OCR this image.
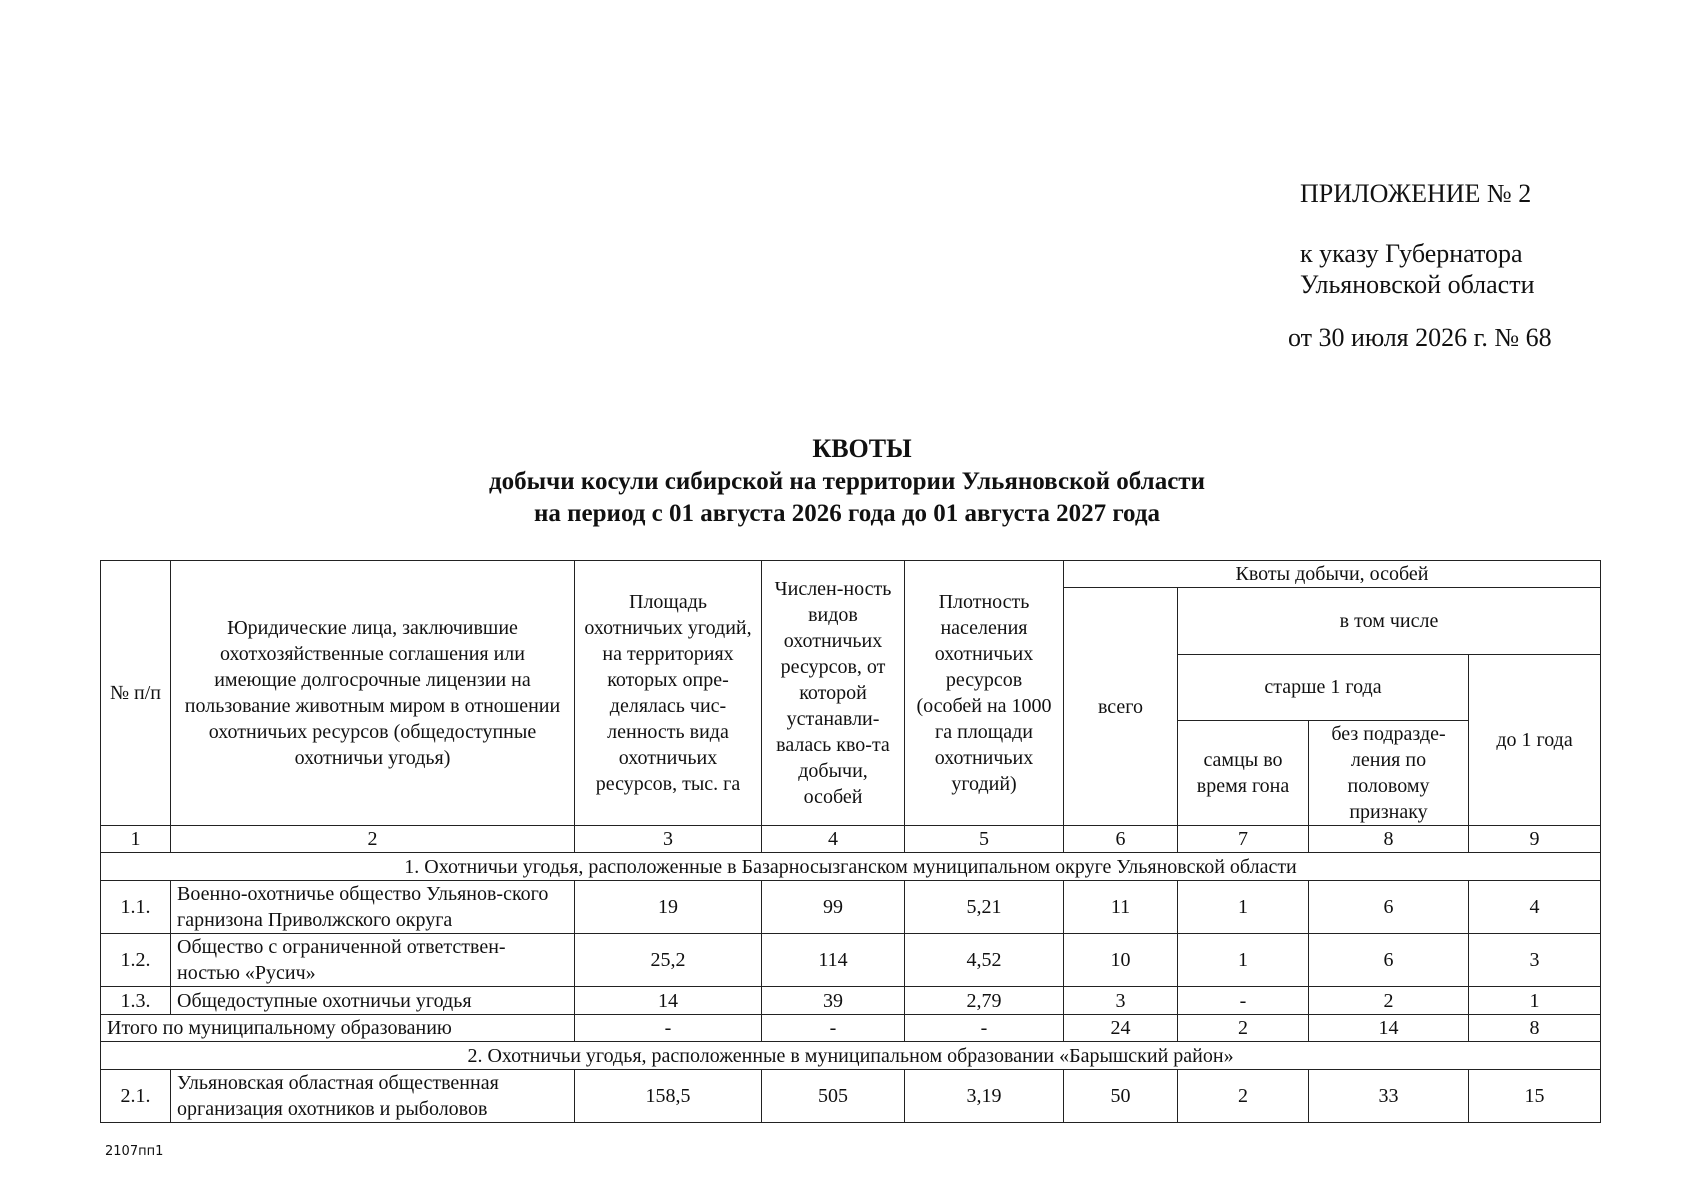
ПРИЛОЖЕНИЕ № 2
к указу Губернатора
Ульяновской области
от 30 июля 2026 г. № 68
КВОТЫ
добычи косули сибирской на территории Ульяновской области
на период с 01 августа 2026 года до 01 августа 2027 года
№ п/п	Юридические лица, заключившие охотхозяйственные соглашения или имеющие долгосрочные лицензии на пользование животным миром в отношении охотничьих ресурсов (общедоступные охотничьи угодья)	Площадь охотничьих угодий, на территориях которых опре-делялась чис-ленность вида охотничьих ресурсов, тыс. га	Числен-ность видов охотничьих ресурсов, от которой устанавли-валась кво-та добычи, особей	Плотность населения охотничьих ресурсов (особей на 1000 га площади охотничьих угодий)	Квоты добычи, особей			
					всего	в том числе		
						старше 1 года		до 1 года
						самцы во время гона	без подразде-ления по половому признаку	
1	2	3	4	5	6	7	8	9
1. Охотничьи угодья, расположенные в Базарносызганском муниципальном округе Ульяновской области								
1.1.	Военно-охотничье общество Ульянов-ского гарнизона Приволжского округа	19	99	5,21	11	1	6	4
1.2.	Общество с ограниченной ответствен-ностью «Русич»	25,2	114	4,52	10	1	6	3
1.3.	Общедоступные охотничьи угодья	14	39	2,79	3	-	2	1
Итого по муниципальному образованию		-	-	-	24	2	14	8
2. Охотничьи угодья, расположенные в муниципальном образовании «Барышский район»								
2.1.	Ульяновская областная общественная организация охотников и рыболовов	158,5	505	3,19	50	2	33	15
2107пп1
